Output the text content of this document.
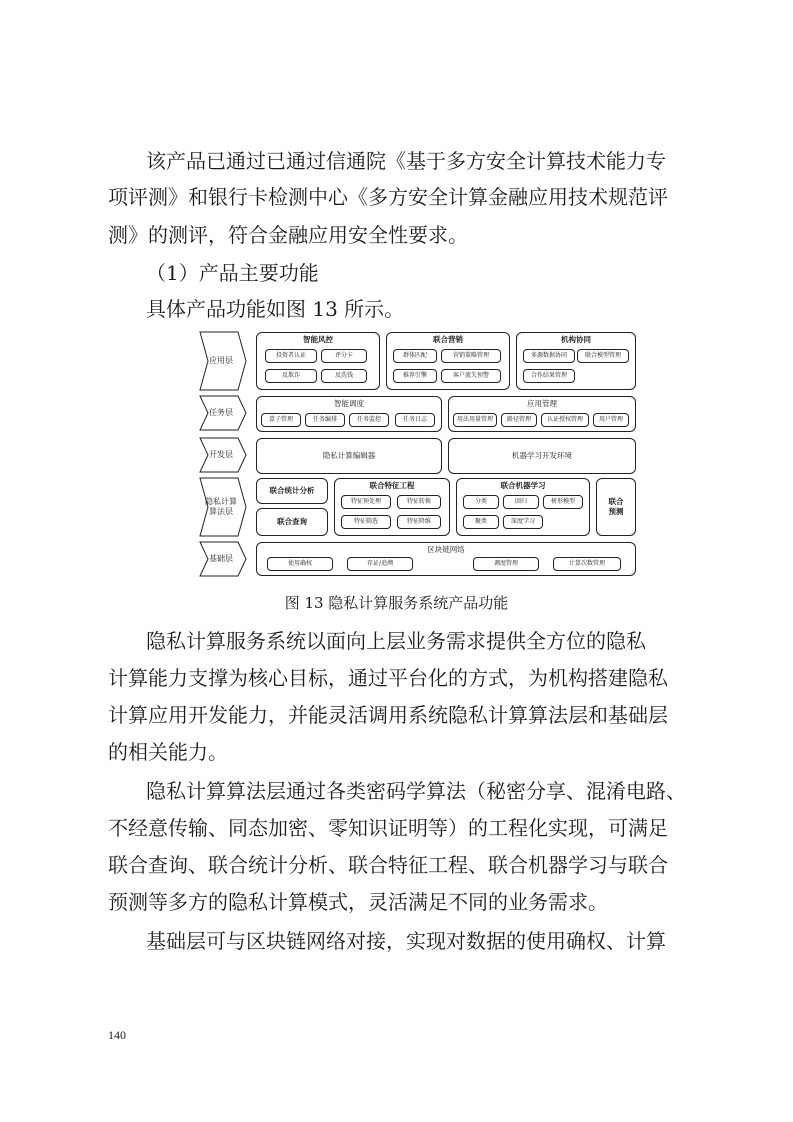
该产品已通过已通过信通院《基于多方安全计算技术能力专
项评测》和银行卡检测中心《多方安全计算金融应用技术规范评
测》的测评，符合金融应用安全性要求。
（1）产品主要功能
具体产品功能如图 13 所示。
应用层
任务层
开发层
隐私计算
算法层
基础层
智能风控
投资者认证	评分卡
反欺诈	反洗钱
联合营销
群体匹配	营销策略管理
推荐引擎	客户流失预警
机构协同
多源数据协同	联合模型管理
合作结果管理
智能调度
算子管理	任务编排	任务监控	任务日志
应用管理
用法用量管理	路径管理	认证授权管理	用户管理
隐私计算编辑器	机器学习开发环境
联合统计分析
联合查询
联合特征工程
特征预处理	特征转换
特征筛选	特征降维
联合机器学习
分类	回归	树形模型
聚类	深度学习
联合
预测
区块链网络
使用确权	存证/追溯	调度管理	计算次数管理
图 13 隐私计算服务系统产品功能
隐私计算服务系统以面向上层业务需求提供全方位的隐私
计算能力支撑为核心目标，通过平台化的方式，为机构搭建隐私
计算应用开发能力，并能灵活调用系统隐私计算算法层和基础层
的相关能力。
隐私计算算法层通过各类密码学算法（秘密分享、混淆电路、
不经意传输、同态加密、零知识证明等）的工程化实现，可满足
联合查询、联合统计分析、联合特征工程、联合机器学习与联合
预测等多方的隐私计算模式，灵活满足不同的业务需求。
基础层可与区块链网络对接，实现对数据的使用确权、计算
140
